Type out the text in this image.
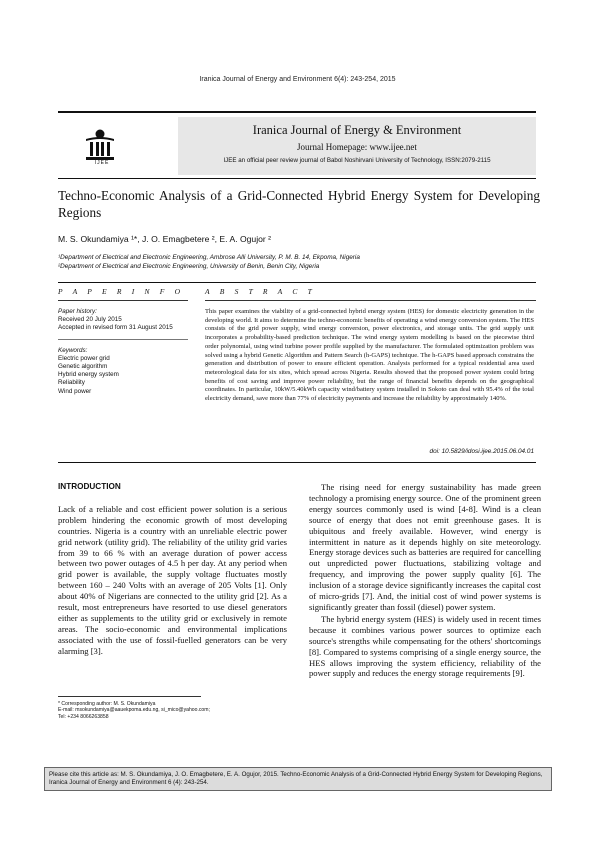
Iranica Journal of Energy and Environment 6(4): 243-254, 2015
IJEE
Iranica Journal of Energy & Environment
Journal Homepage: www.ijee.net
IJEE an official peer review journal of Babol Noshirvani University of Technology, ISSN:2079-2115
Techno-Economic Analysis of a Grid-Connected Hybrid Energy System for Developing Regions
M. S. Okundamiya ¹*, J. O. Emagbetere ², E. A. Ogujor ²
¹Department of Electrical and Electronic Engineering, Ambrose Alli University, P. M. B. 14, Ekpoma, Nigeria
²Department of Electrical and Electronic Engineering, University of Benin, Benin City, Nigeria
P A P E R I N F O	A B S T R A C T
Paper history:
Received 20 July 2015
Accepted in revised form 31 August 2015
Keywords:
Electric power grid
Genetic algorithm
Hybrid energy system
Reliability
Wind power
This paper examines the viability of a grid-connected hybrid energy system (HES) for domestic electricity generation in the developing world. It aims to determine the techno-economic benefits of operating a wind energy conversion system. The HES consists of the grid power supply, wind energy conversion, power electronics, and storage units. The grid supply unit incorporates a probability-based prediction technique. The wind energy system modelling is based on the piecewise third order polynomial, using wind turbine power profile supplied by the manufacturer. The formulated optimization problem was solved using a hybrid Genetic Algorithm and Pattern Search (h-GAPS) technique. The h-GAPS based approach constrains the generation and distribution of power to ensure efficient operation. Analysis performed for a typical residential area used meteorological data for six sites, which spread across Nigeria. Results showed that the proposed power system could bring benefits of cost saving and improve power reliability, but the range of financial benefits depends on the geographical coordinates. In particular, 10kW/5.40kWh capacity wind/battery system installed in Sokoto can deal with 95.4% of the total electricity demand, save more than 77% of electricity payments and increase the reliability by approximately 140%.
doi: 10.5829/idosi.ijee.2015.06.04.01
INTRODUCTION

Lack of a reliable and cost efficient power solution is a serious problem hindering the economic growth of most developing countries. Nigeria is a country with an unreliable electric power grid network (utility grid). The reliability of the utility grid varies from 39 to 66 % with an average duration of power access between two power outages of 4.5 h per day. At any period when grid power is available, the supply voltage fluctuates mostly between 160 – 240 Volts with an average of 205 Volts [1]. Only about 40% of Nigerians are connected to the utility grid [2]. As a result, most entrepreneurs have resorted to use diesel generators either as supplements to the utility grid or exclusively in remote areas. The socio-economic and environmental implications associated with the use of fossil-fuelled generators can be very alarming [3].

The rising need for energy sustainability has made green technology a promising energy source. One of the prominent green energy sources commonly used is wind [4-8]. Wind is a clean source of energy that does not emit greenhouse gases. It is ubiquitous and freely available. However, wind energy is intermittent in nature as it depends highly on site meteorology. Energy storage devices such as batteries are required for cancelling out unpredicted power fluctuations, stabilizing voltage and frequency, and improving the power supply quality [6]. The inclusion of a storage device significantly increases the capital cost of micro-grids [7]. And, the initial cost of wind power systems is significantly greater than fossil (diesel) power system.

The hybrid energy system (HES) is widely used in recent times because it combines various power sources to optimize each source's strengths while compensating for the others' shortcomings [8]. Compared to systems comprising of a single energy source, the HES allows improving the system efficiency, reliability of the power supply and reduces the energy storage requirements [9].

* Corresponding author: M. S. Okundamiya
E-mail: msokundamiya@aauekpoma.edu.ng, si_mico@yahoo.com;
Tel: +234 8066263858
Please cite this article as: M. S. Okundamiya, J. O. Emagbetere, E. A. Ogujor, 2015. Techno-Economic Analysis of a Grid-Connected Hybrid Energy System for Developing Regions, Iranica Journal of Energy and Environment 6 (4): 243-254.
